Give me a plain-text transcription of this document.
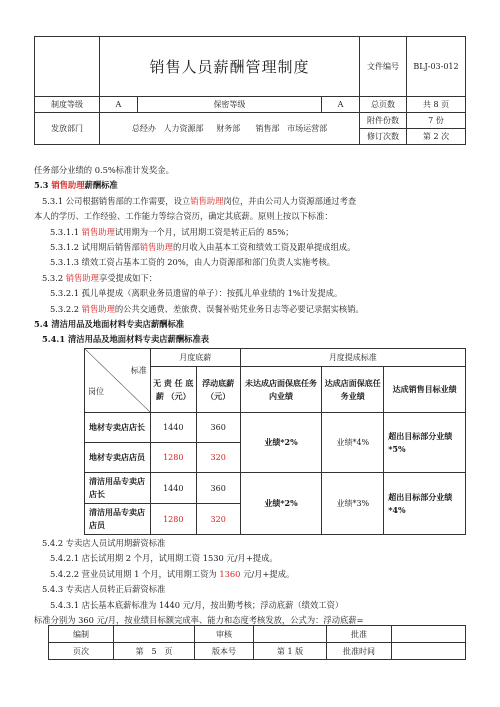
	销售人员薪酬管理制度			文件编号	BLJ-03-012
制度等级	A	保密等级	A	总页数	共 8 页
发放部门	总经办 人力资源部 财务部 销售部 市场运营部			附件份数	7 份
				修订次数	第 2 次
任务部分业绩的 0.5%标准计发奖金。
5.3 销售助理薪酬标准
5.3.1 公司根据销售部的工作需要，设立销售助理岗位，并由公司人力资源部通过考查
本人的学历、工作经验、工作能力等综合资历，确定其底薪。原则上按以下标准：
5.3.1.1 销售助理试用期为一个月，试用期工资是转正后的 85%；
5.3.1.2 试用期后销售部销售助理的月收入由基本工资和绩效工资及跟单提成组成。
5.3.1.3 绩效工资占基本工资的 20%，由人力资源部和部门负责人实施考核。
5.3.2 销售助理享受提成如下：
5.3.2.1 孤儿单提成（离职业务员遗留的单子）：按孤儿单业绩的 1%计发提成。
5.3.2.2 销售助理的公共交通费、差旅费、误餐补贴凭业务日志等必要记录据实核销。
5.4 清洁用品及地面材料专卖店薪酬标准
5.4.1 清洁用品及地面材料专卖店薪酬标准表
标准
岗位	月度底薪		月度提成标准		
	无 责 任 底 薪 （元）	浮动底薪 （元）	未达成店面保底任务内业绩	达成店面保底任务业绩	达成销售目标业绩
地材专卖店店长	1440	360	业绩*2%	业绩*4%	超出目标部分业绩*5%
地材专卖店店员	1280	320			
清洁用品专卖店店长	1440	360	业绩*2%	业绩*3%	超出目标部分业绩*4%
清洁用品专卖店店员	1280	320			
5.4.2 专卖店人员试用期薪资标准
5.4.2.1 店长试用期 2 个月，试用期工资 1530 元/月+提成。
5.4.2.2 营业员试用期 1 个月，试用期工资为 1360 元/月+提成。
5.4.3 专卖店人员转正后薪资标准
5.4.3.1 店长基本底薪标准为 1440 元/月，按出勤考核；浮动底薪（绩效工资）
标准分别为 360 元/月，按业绩目标额完成率、能力和态度考核发放，公式为：浮动底薪=
编制		审核		批准	
页次	第　5　页	版本号	第 1 版	批准时间	
